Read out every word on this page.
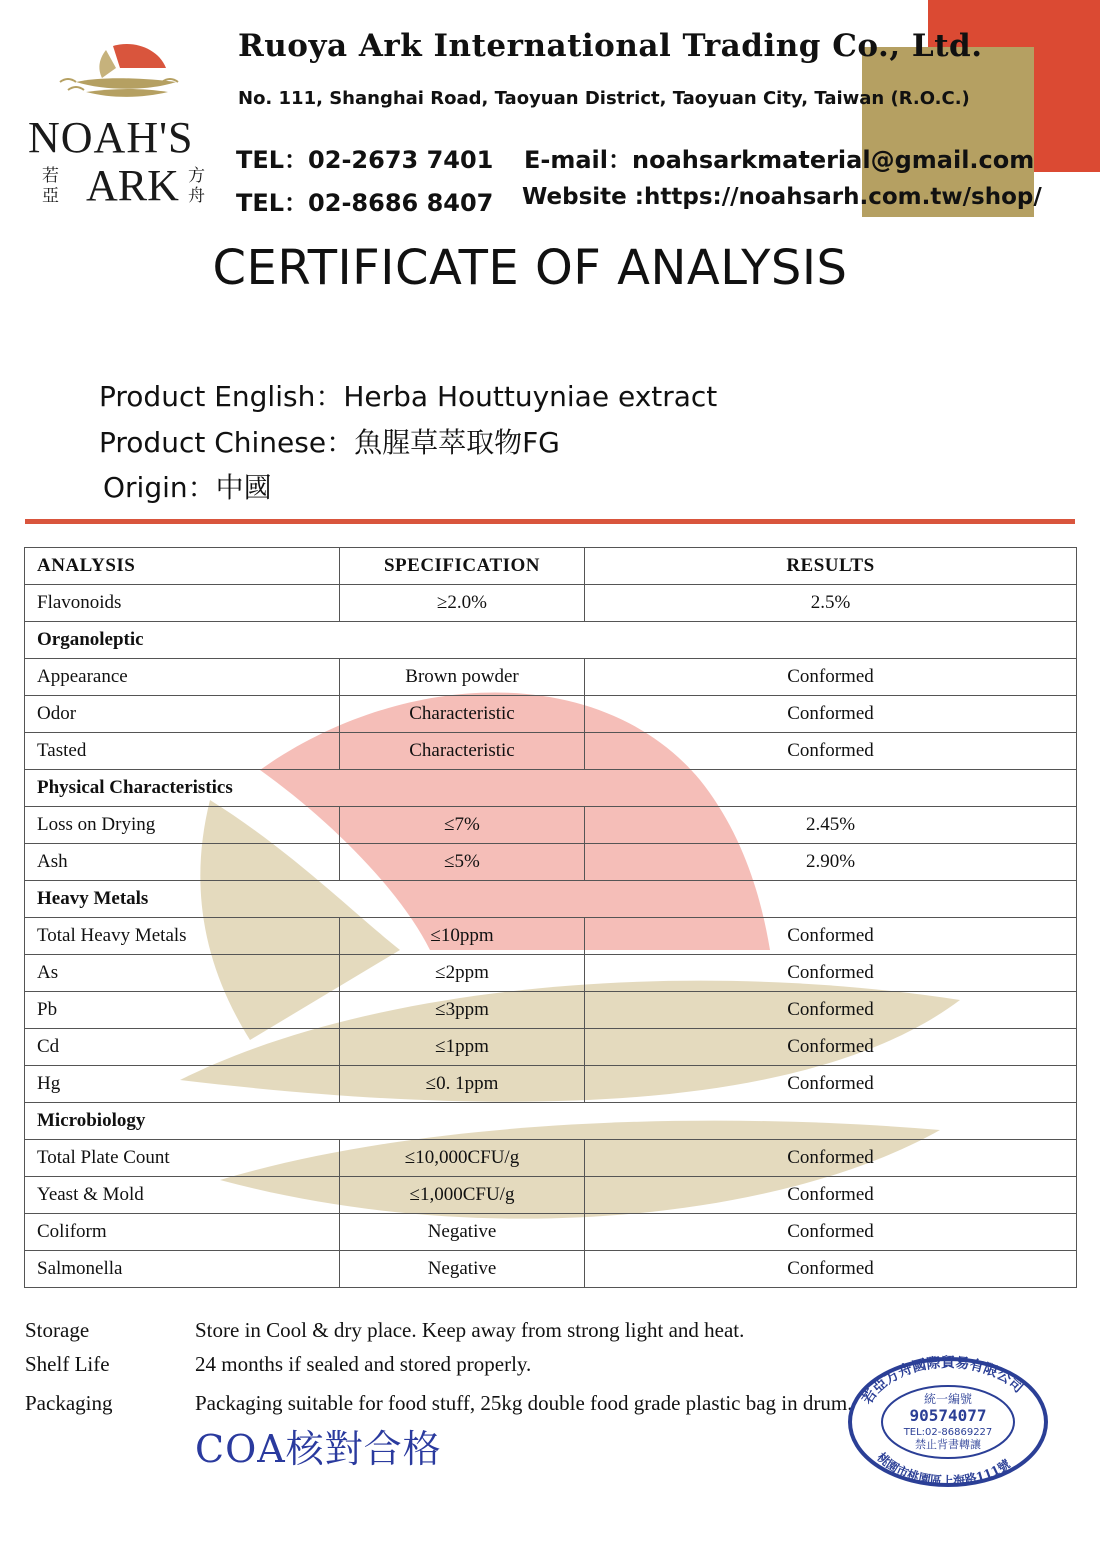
NOAH'S
ARK
若亞
方舟
Ruoya Ark International Trading Co., Ltd.
No. 111, Shanghai Road, Taoyuan District, Taoyuan City, Taiwan (R.O.C.)
TEL：02-2673 7401
TEL：02-8686 8407
E-mail：noahsarkmaterial@gmail.com
Website :https://noahsarh.com.tw/shop/
CERTIFICATE OF ANALYSIS
Product English：Herba Houttuyniae extract
Product Chinese：魚腥草萃取物FG
Origin：中國
ANALYSIS	SPECIFICATION	RESULTS
Flavonoids	≥2.0%	2.5%
Organoleptic		
Appearance	Brown powder	Conformed
Odor	Characteristic	Conformed
Tasted	Characteristic	Conformed
Physical Characteristics		
Loss on Drying	≤7%	2.45%
Ash	≤5%	2.90%
Heavy Metals		
Total Heavy Metals	≤10ppm	Conformed
As	≤2ppm	Conformed
Pb	≤3ppm	Conformed
Cd	≤1ppm	Conformed
Hg	≤0. 1ppm	Conformed
Microbiology		
Total Plate Count	≤10,000CFU/g	Conformed
Yeast & Mold	≤1,000CFU/g	Conformed
Coliform	Negative	Conformed
Salmonella	Negative	Conformed
Storage	Store in Cool & dry place. Keep away from strong light and heat.
Shelf Life	24 months if sealed and stored properly.
Packaging	Packaging suitable for food stuff, 25kg double food grade plastic bag in drum.
COA核對合格
若亞方舟國際貿易有限公司
桃園市桃園區上海路111號
統一編號
90574077
TEL:02-86869227
禁止背書轉讓
